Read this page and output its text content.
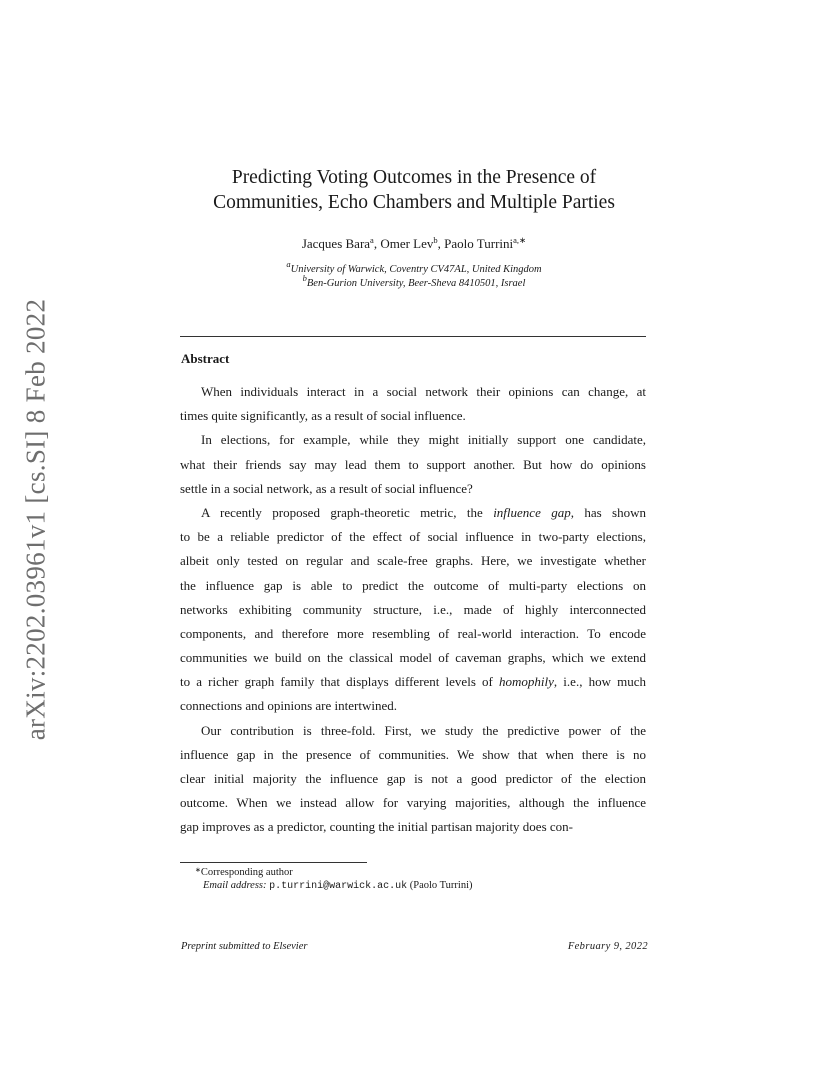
arXiv:2202.03961v1 [cs.SI] 8 Feb 2022
Predicting Voting Outcomes in the Presence of
Communities, Echo Chambers and Multiple Parties
Jacques Bara$^a$, Omer Lev$^b$, Paolo Turrini$^{a,∗}$
$^a$University of Warwick, Coventry CV47AL, United Kingdom
$^b$Ben-Gurion University, Beer-Sheva 8410501, Israel
Abstract

When individuals interact in a social network their opinions can change, at
times quite significantly, as a result of social influence.

In elections, for example, while they might initially support one candidate,
what their friends say may lead them to support another. But how do opinions
settle in a social network, as a result of social influence?

A recently proposed graph-theoretic metric, the influence gap, has shown
to be a reliable predictor of the effect of social influence in two-party elections,
albeit only tested on regular and scale-free graphs. Here, we investigate whether
the influence gap is able to predict the outcome of multi-party elections on
networks exhibiting community structure, i.e., made of highly interconnected
components, and therefore more resembling of real-world interaction. To encode
communities we build on the classical model of caveman graphs, which we extend
to a richer graph family that displays different levels of homophily, i.e., how much
connections and opinions are intertwined.

Our contribution is three-fold. First, we study the predictive power of the
influence gap in the presence of communities. We show that when there is no
clear initial majority the influence gap is not a good predictor of the election
outcome. When we instead allow for varying majorities, although the influence
gap improves as a predictor, counting the initial partisan majority does con-

∗Corresponding author
Email address: p.turrini@warwick.ac.uk (Paolo Turrini)
Preprint submitted to Elsevier	February 9, 2022
